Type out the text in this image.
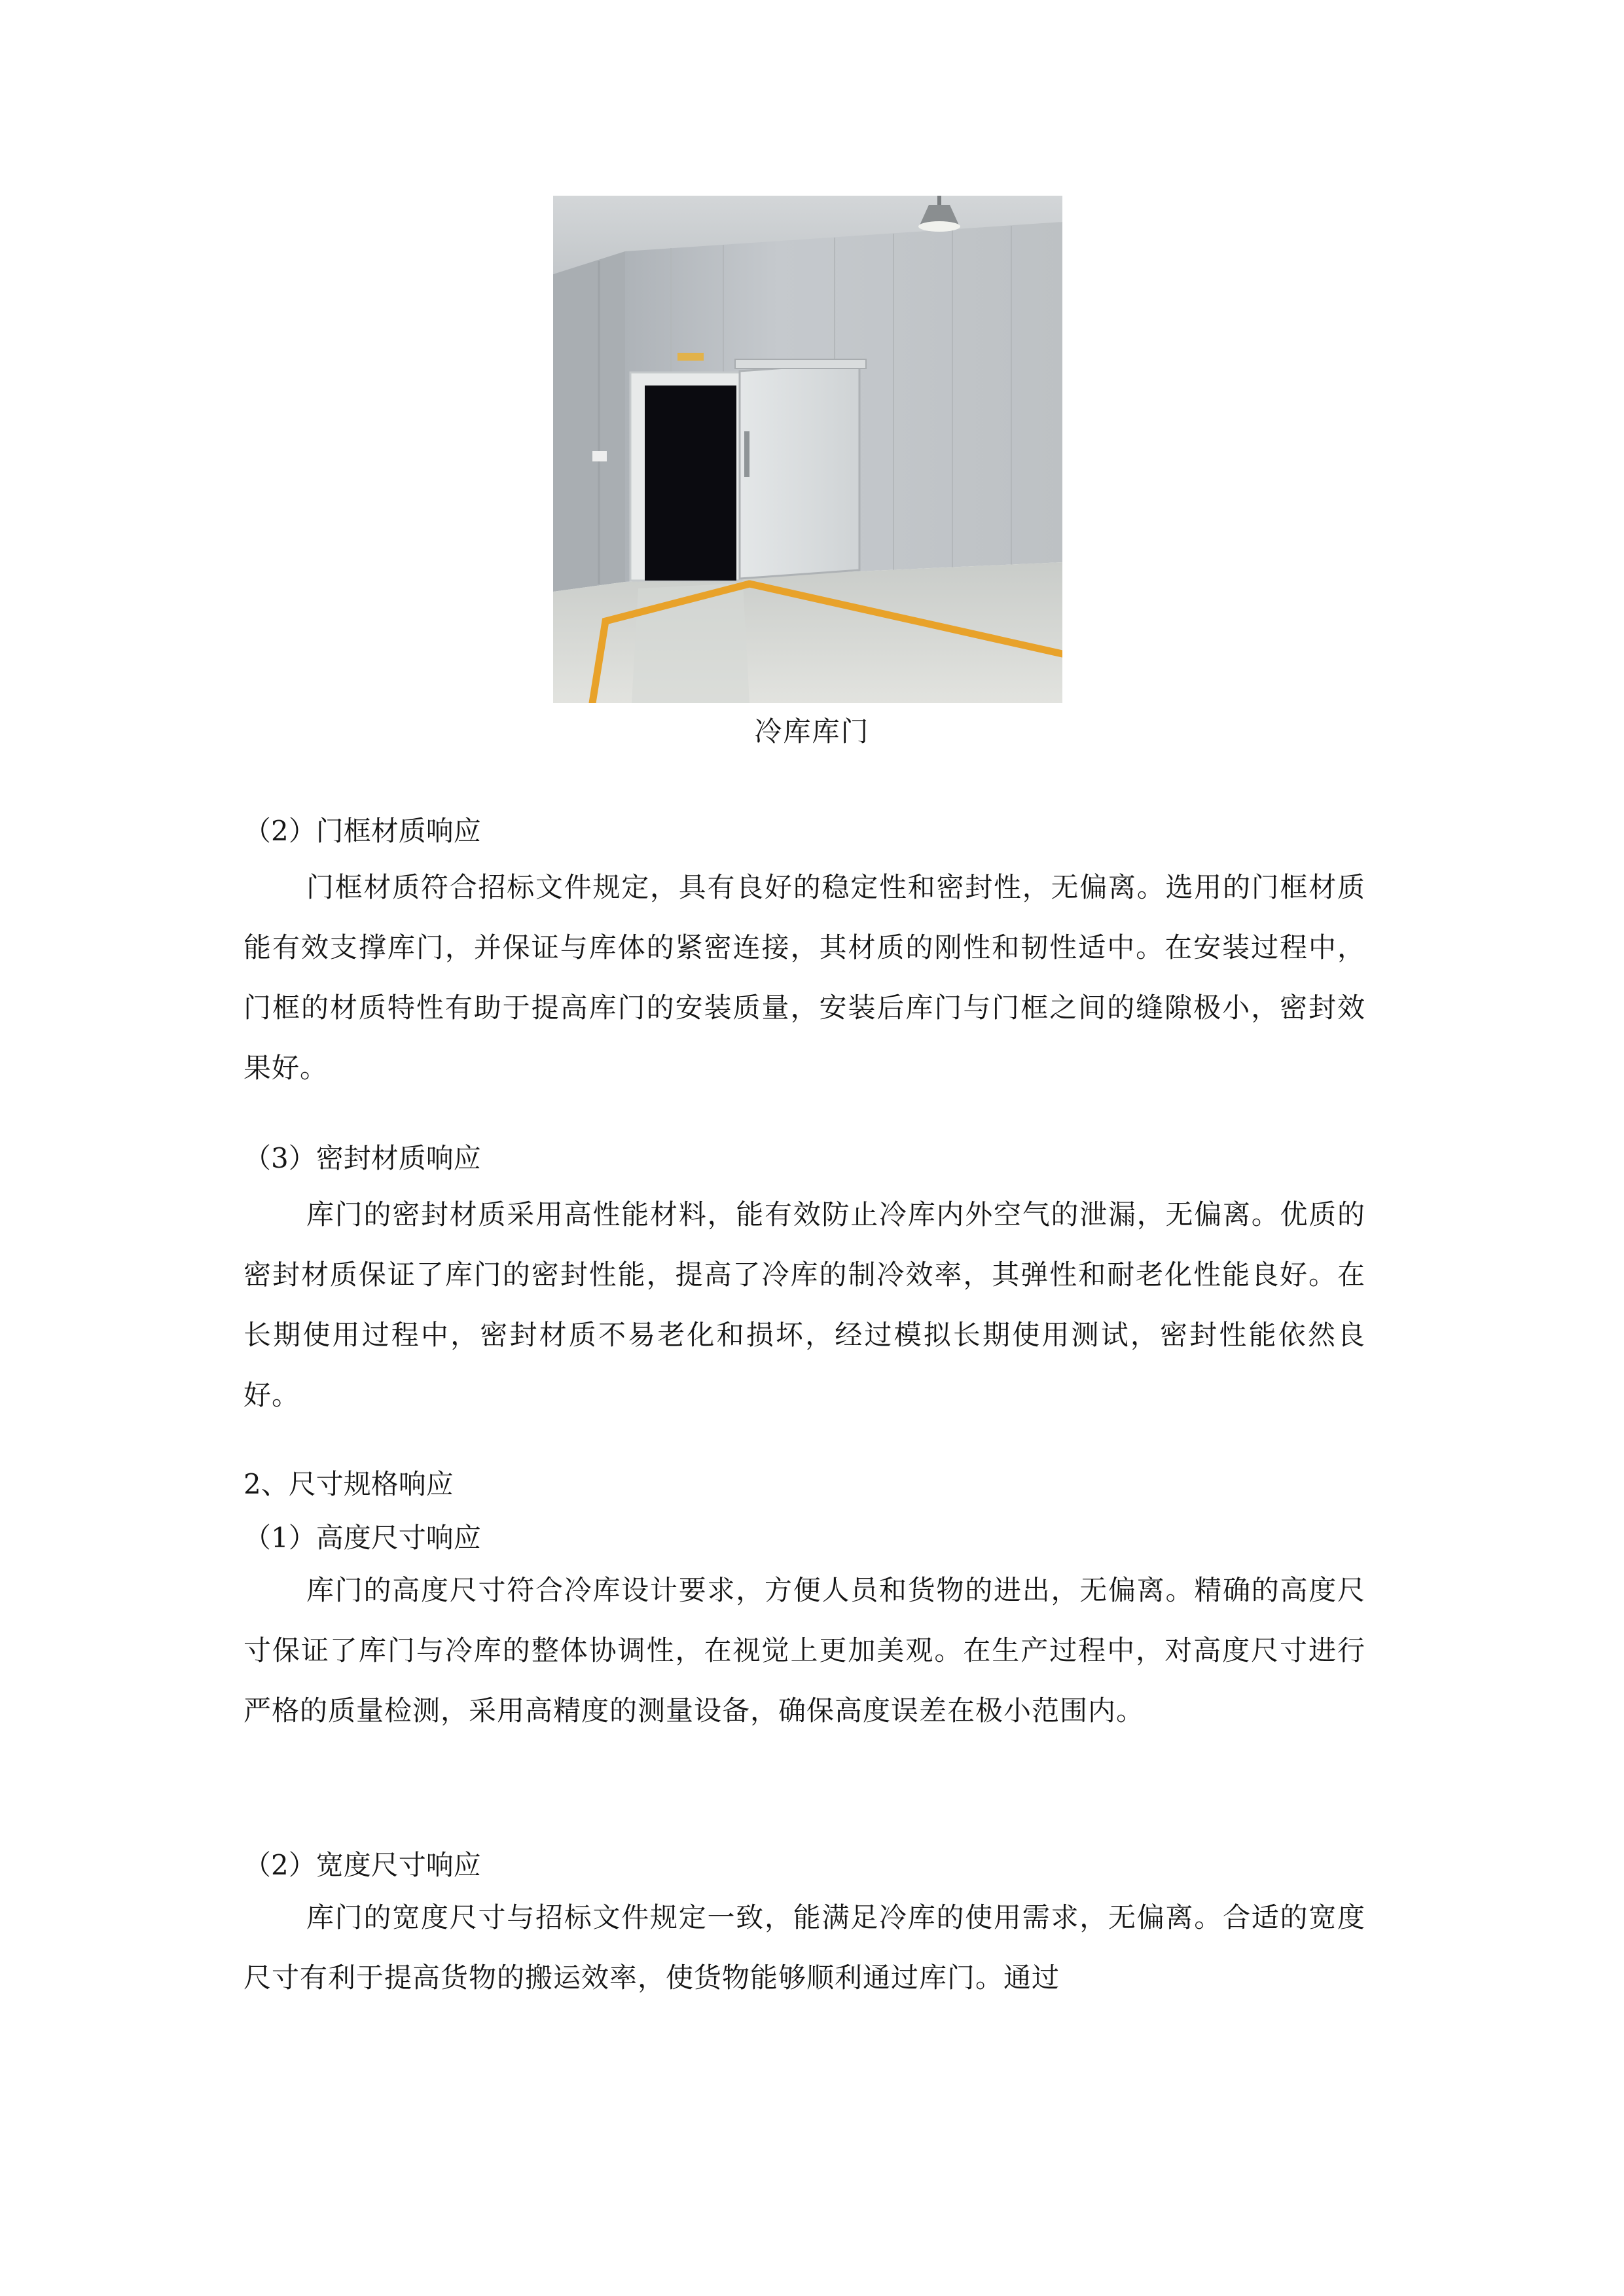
冷库库门
（2）门框材质响应
门框材质符合招标文件规定，具有良好的稳定性和密封性，无偏离。选用的门框材质能有效支撑库门，并保证与库体的紧密连接，其材质的刚性和韧性适中。在安装过程中，门框的材质特性有助于提高库门的安装质量，安装后库门与门框之间的缝隙极小，密封效果好。
（3）密封材质响应
库门的密封材质采用高性能材料，能有效防止冷库内外空气的泄漏，无偏离。优质的密封材质保证了库门的密封性能，提高了冷库的制冷效率，其弹性和耐老化性能良好。在长期使用过程中，密封材质不易老化和损坏，经过模拟长期使用测试，密封性能依然良好。
2、尺寸规格响应
（1）高度尺寸响应
库门的高度尺寸符合冷库设计要求，方便人员和货物的进出，无偏离。精确的高度尺寸保证了库门与冷库的整体协调性，在视觉上更加美观。在生产过程中，对高度尺寸进行严格的质量检测，采用高精度的测量设备，确保高度误差在极小范围内。
（2）宽度尺寸响应
库门的宽度尺寸与招标文件规定一致，能满足冷库的使用需求，无偏离。合适的宽度尺寸有利于提高货物的搬运效率，使货物能够顺利通过库门。通过
